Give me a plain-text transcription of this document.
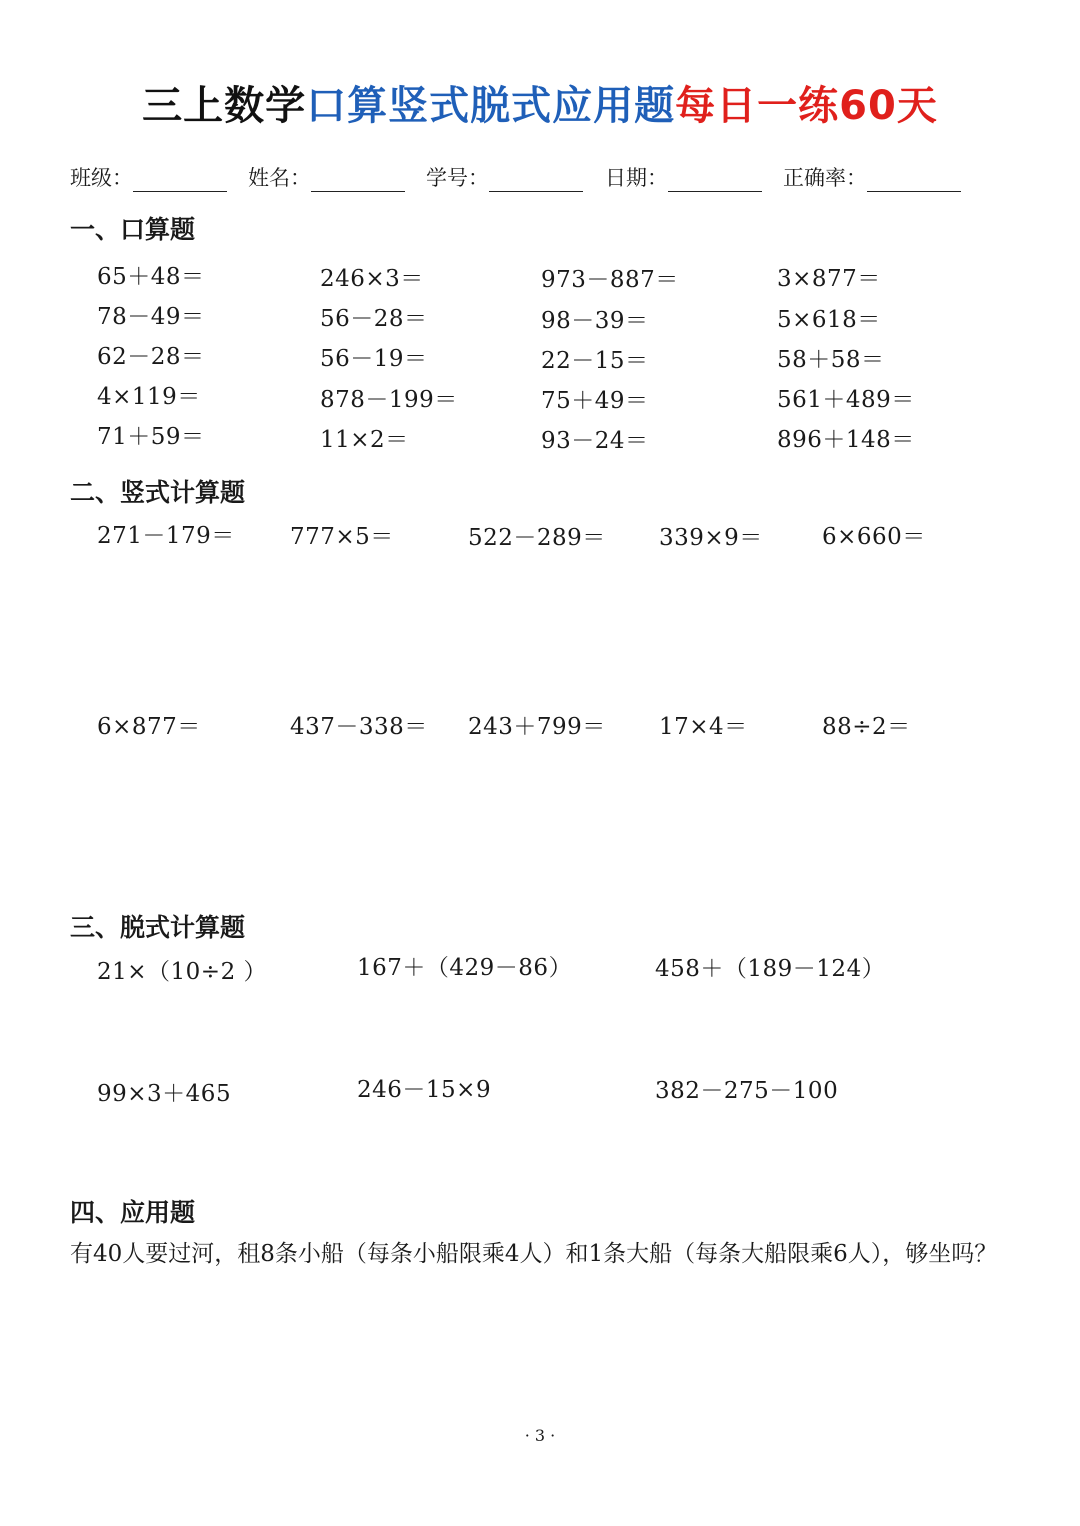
三上数学口算竖式脱式应用题每日一练60天
班级：	姓名：	学号：	日期：	正确率：
一、口算题
65＋48＝	246×3＝	973－887＝	3×877＝
78－49＝	56－28＝	98－39＝	5×618＝
62－28＝	56－19＝	22－15＝	58＋58＝
4×119＝	878－199＝	75＋49＝	561＋489＝
71＋59＝	11×2＝	93－24＝	896＋148＝
二、竖式计算题
271－179＝ 777×5＝	522－289＝ 339×9＝	6×660＝
6×877＝	437－338＝ 243＋799＝ 17×4＝	88÷2＝
三、脱式计算题
21×（10÷2 ）	167＋（429－86）	458＋（189－124）
99×3＋465	246－15×9	382－275－100
四、应用题
有40人要过河，租8条小船（每条小船限乘4人）和1条大船（每条大船限乘6人），够坐吗？
· 3 ·
